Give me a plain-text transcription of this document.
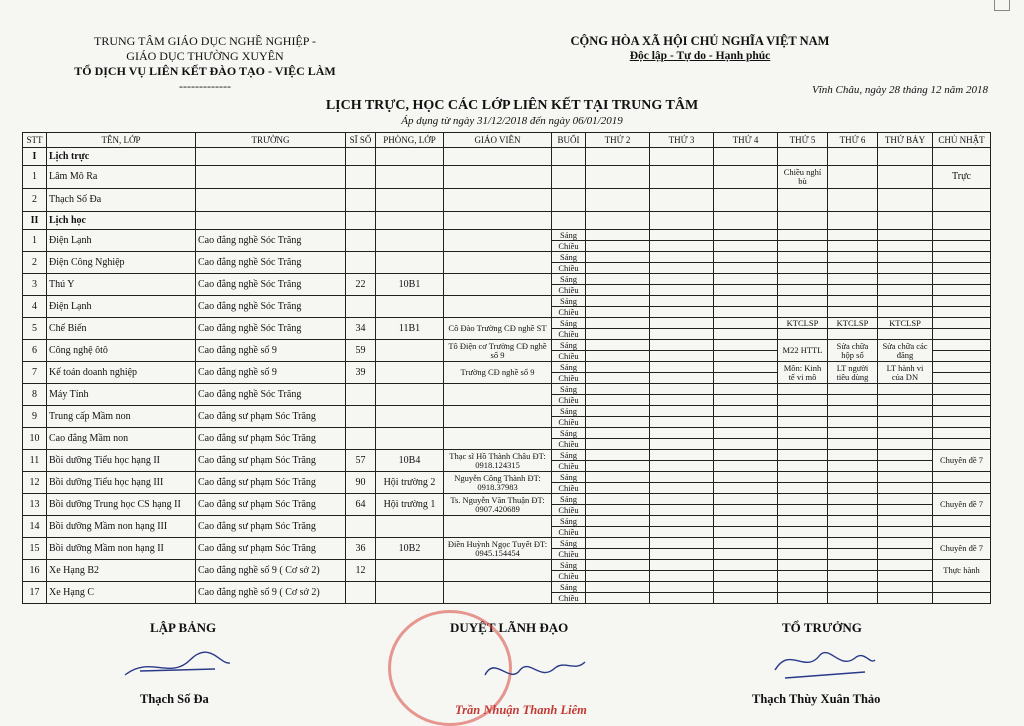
TRUNG TÂM GIÁO DỤC NGHỀ NGHIỆP -
GIÁO DỤC THƯỜNG XUYÊN
TỔ DỊCH VỤ LIÊN KẾT ĐÀO TẠO - VIỆC LÀM
-------------
CỘNG HÒA XÃ HỘI CHỦ NGHĨA VIỆT NAM
Độc lập - Tự do - Hạnh phúc
Vĩnh Châu, ngày 28 tháng 12 năm 2018
LỊCH TRỰC, HỌC CÁC LỚP LIÊN KẾT TẠI TRUNG TÂM
Áp dụng từ ngày 31/12/2018 đến ngày 06/01/2019
STT	TÊN, LỚP	TRƯỜNG	SĨ SỐ	PHÒNG, LỚP	GIÁO VIÊN	BUỔI	THỨ 2	THỨ 3	THỨ 4	THỨ 5	THỨ 6	THỨ BẢY	CHỦ NHẬT
I	Lịch trực												
1	Lâm Mô Ra									Chiều nghỉ bù			Trực
2	Thạch Số Đa												
II	Lịch học												
1	Điện Lạnh	Cao đẳng nghề Sóc Trăng				Sáng							
						Chiều							
2	Điện Công Nghiệp	Cao đẳng nghề Sóc Trăng				Sáng							
						Chiều							
3	Thú Y	Cao đẳng nghề Sóc Trăng	22	10B1		Sáng							
						Chiều							
4	Điện Lạnh	Cao đẳng nghề Sóc Trăng				Sáng							
						Chiều							
5	Chế Biến	Cao đẳng nghề Sóc Trăng	34	11B1	Cô Đào Trường CĐ nghề ST	Sáng				KTCLSP	KTCLSP	KTCLSP	
						Chiều							
6	Công nghệ ôtô	Cao đẳng nghề số 9	59		Tô Điện cơ Trường CĐ nghề số 9	Sáng				M22 HTTL	Sửa chữa hộp số	Sửa chữa các đăng	
						Chiều							
7	Kế toán doanh nghiệp	Cao đẳng nghề số 9	39		Trường CĐ nghề số 9	Sáng				Môn: Kinh tế vi mô	LT người tiêu dùng	LT hành vi của DN	
						Chiều							
8	Máy Tính	Cao đẳng nghề Sóc Trăng				Sáng							
						Chiều							
9	Trung cấp Mầm non	Cao đẳng sư phạm Sóc Trăng				Sáng							
						Chiều							
10	Cao đẳng Mầm non	Cao đẳng sư phạm Sóc Trăng				Sáng							
						Chiều							
11	Bồi dưỡng Tiểu học hạng II	Cao đẳng sư phạm Sóc Trăng	57	10B4	Thạc sĩ Hồ Thành Châu ĐT: 0918.124315	Sáng							Chuyên đề 7
						Chiều							
12	Bồi dưỡng Tiểu học hạng III	Cao đẳng sư phạm Sóc Trăng	90	Hội trường 2	Nguyễn Công Thành ĐT: 0918.37983	Sáng							
						Chiều							
13	Bồi dưỡng Trung học CS hạng II	Cao đẳng sư phạm Sóc Trăng	64	Hội trường 1	Ts. Nguyễn Văn Thuận ĐT: 0907.420689	Sáng							Chuyên đề 7
						Chiều							
14	Bồi dưỡng Mầm non hạng III	Cao đẳng sư phạm Sóc Trăng				Sáng							
						Chiều							
15	Bồi dưỡng Mầm non hạng II	Cao đẳng sư phạm Sóc Trăng	36	10B2	Điền Huỳnh Ngọc Tuyết ĐT: 0945.154454	Sáng							Chuyên đề 7
						Chiều							
16	Xe Hạng B2	Cao đẳng nghề số 9 ( Cơ sở 2)	12			Sáng							Thực hành
						Chiều							
17	Xe Hạng C	Cao đẳng nghề số 9 ( Cơ sở 2)				Sáng							
						Chiều							
LẬP BẢNG	DUYỆT LÃNH ĐẠO	TỔ TRƯỞNG
Thạch Số Đa
Trần Nhuận Thanh Liêm
Thạch Thùy Xuân Thảo
